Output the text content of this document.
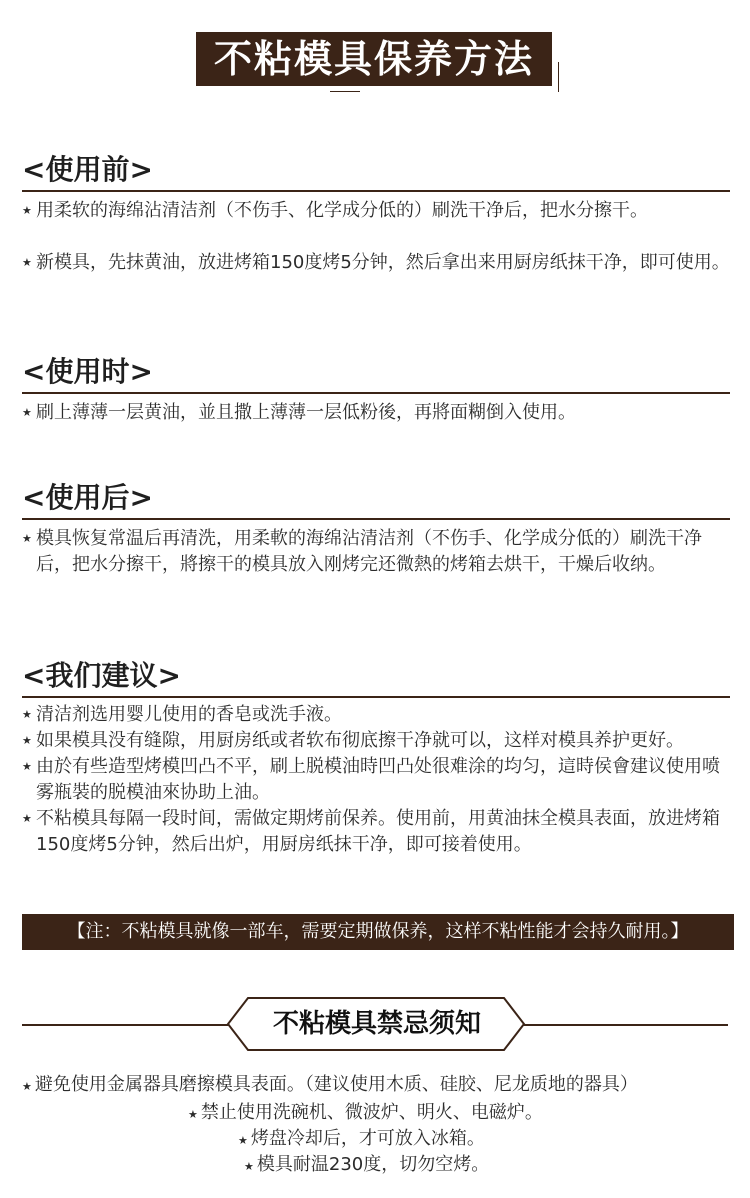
不粘模具保养方法
<使用前>
★ 用柔软的海绵沾清洁剂（不伤手、化学成分低的）刷洗干净后，把水分擦干。
★ 新模具，先抹黄油，放进烤箱150度烤5分钟，然后拿出来用厨房纸抹干净，即可使用。
<使用时>
★ 刷上薄薄一层黄油，並且撒上薄薄一层低粉後，再將面糊倒入使用。
<使用后>
★ 模具恢复常温后再清洗，用柔軟的海绵沾清洁剂（不伤手、化学成分低的）刷洗干净后，把水分擦干，將擦干的模具放入刚烤完还微熱的烤箱去烘干，干燥后收纳。
<我们建议>
★ 清洁剂选用婴儿使用的香皂或洗手液。
★ 如果模具没有缝隙，用厨房纸或者软布彻底擦干净就可以，这样对模具养护更好。
★ 由於有些造型烤模凹凸不平，刷上脱模油時凹凸处很难涂的均匀，這時侯會建议使用喷雾瓶裝的脱模油來协助上油。
★ 不粘模具每隔一段时间，需做定期烤前保养。使用前，用黄油抹全模具表面，放进烤箱150度烤5分钟，然后出炉，用厨房纸抹干净，即可接着使用。
【注：不粘模具就像一部车，需要定期做保养，这样不粘性能才会持久耐用。】
不粘模具禁忌须知
★ 避免使用金属器具磨擦模具表面。（建议使用木质、硅胶、尼龙质地的器具）
★ 禁止使用洗碗机、微波炉、明火、电磁炉。
★ 烤盘冷却后，才可放入冰箱。
★ 模具耐温230度，切勿空烤。
